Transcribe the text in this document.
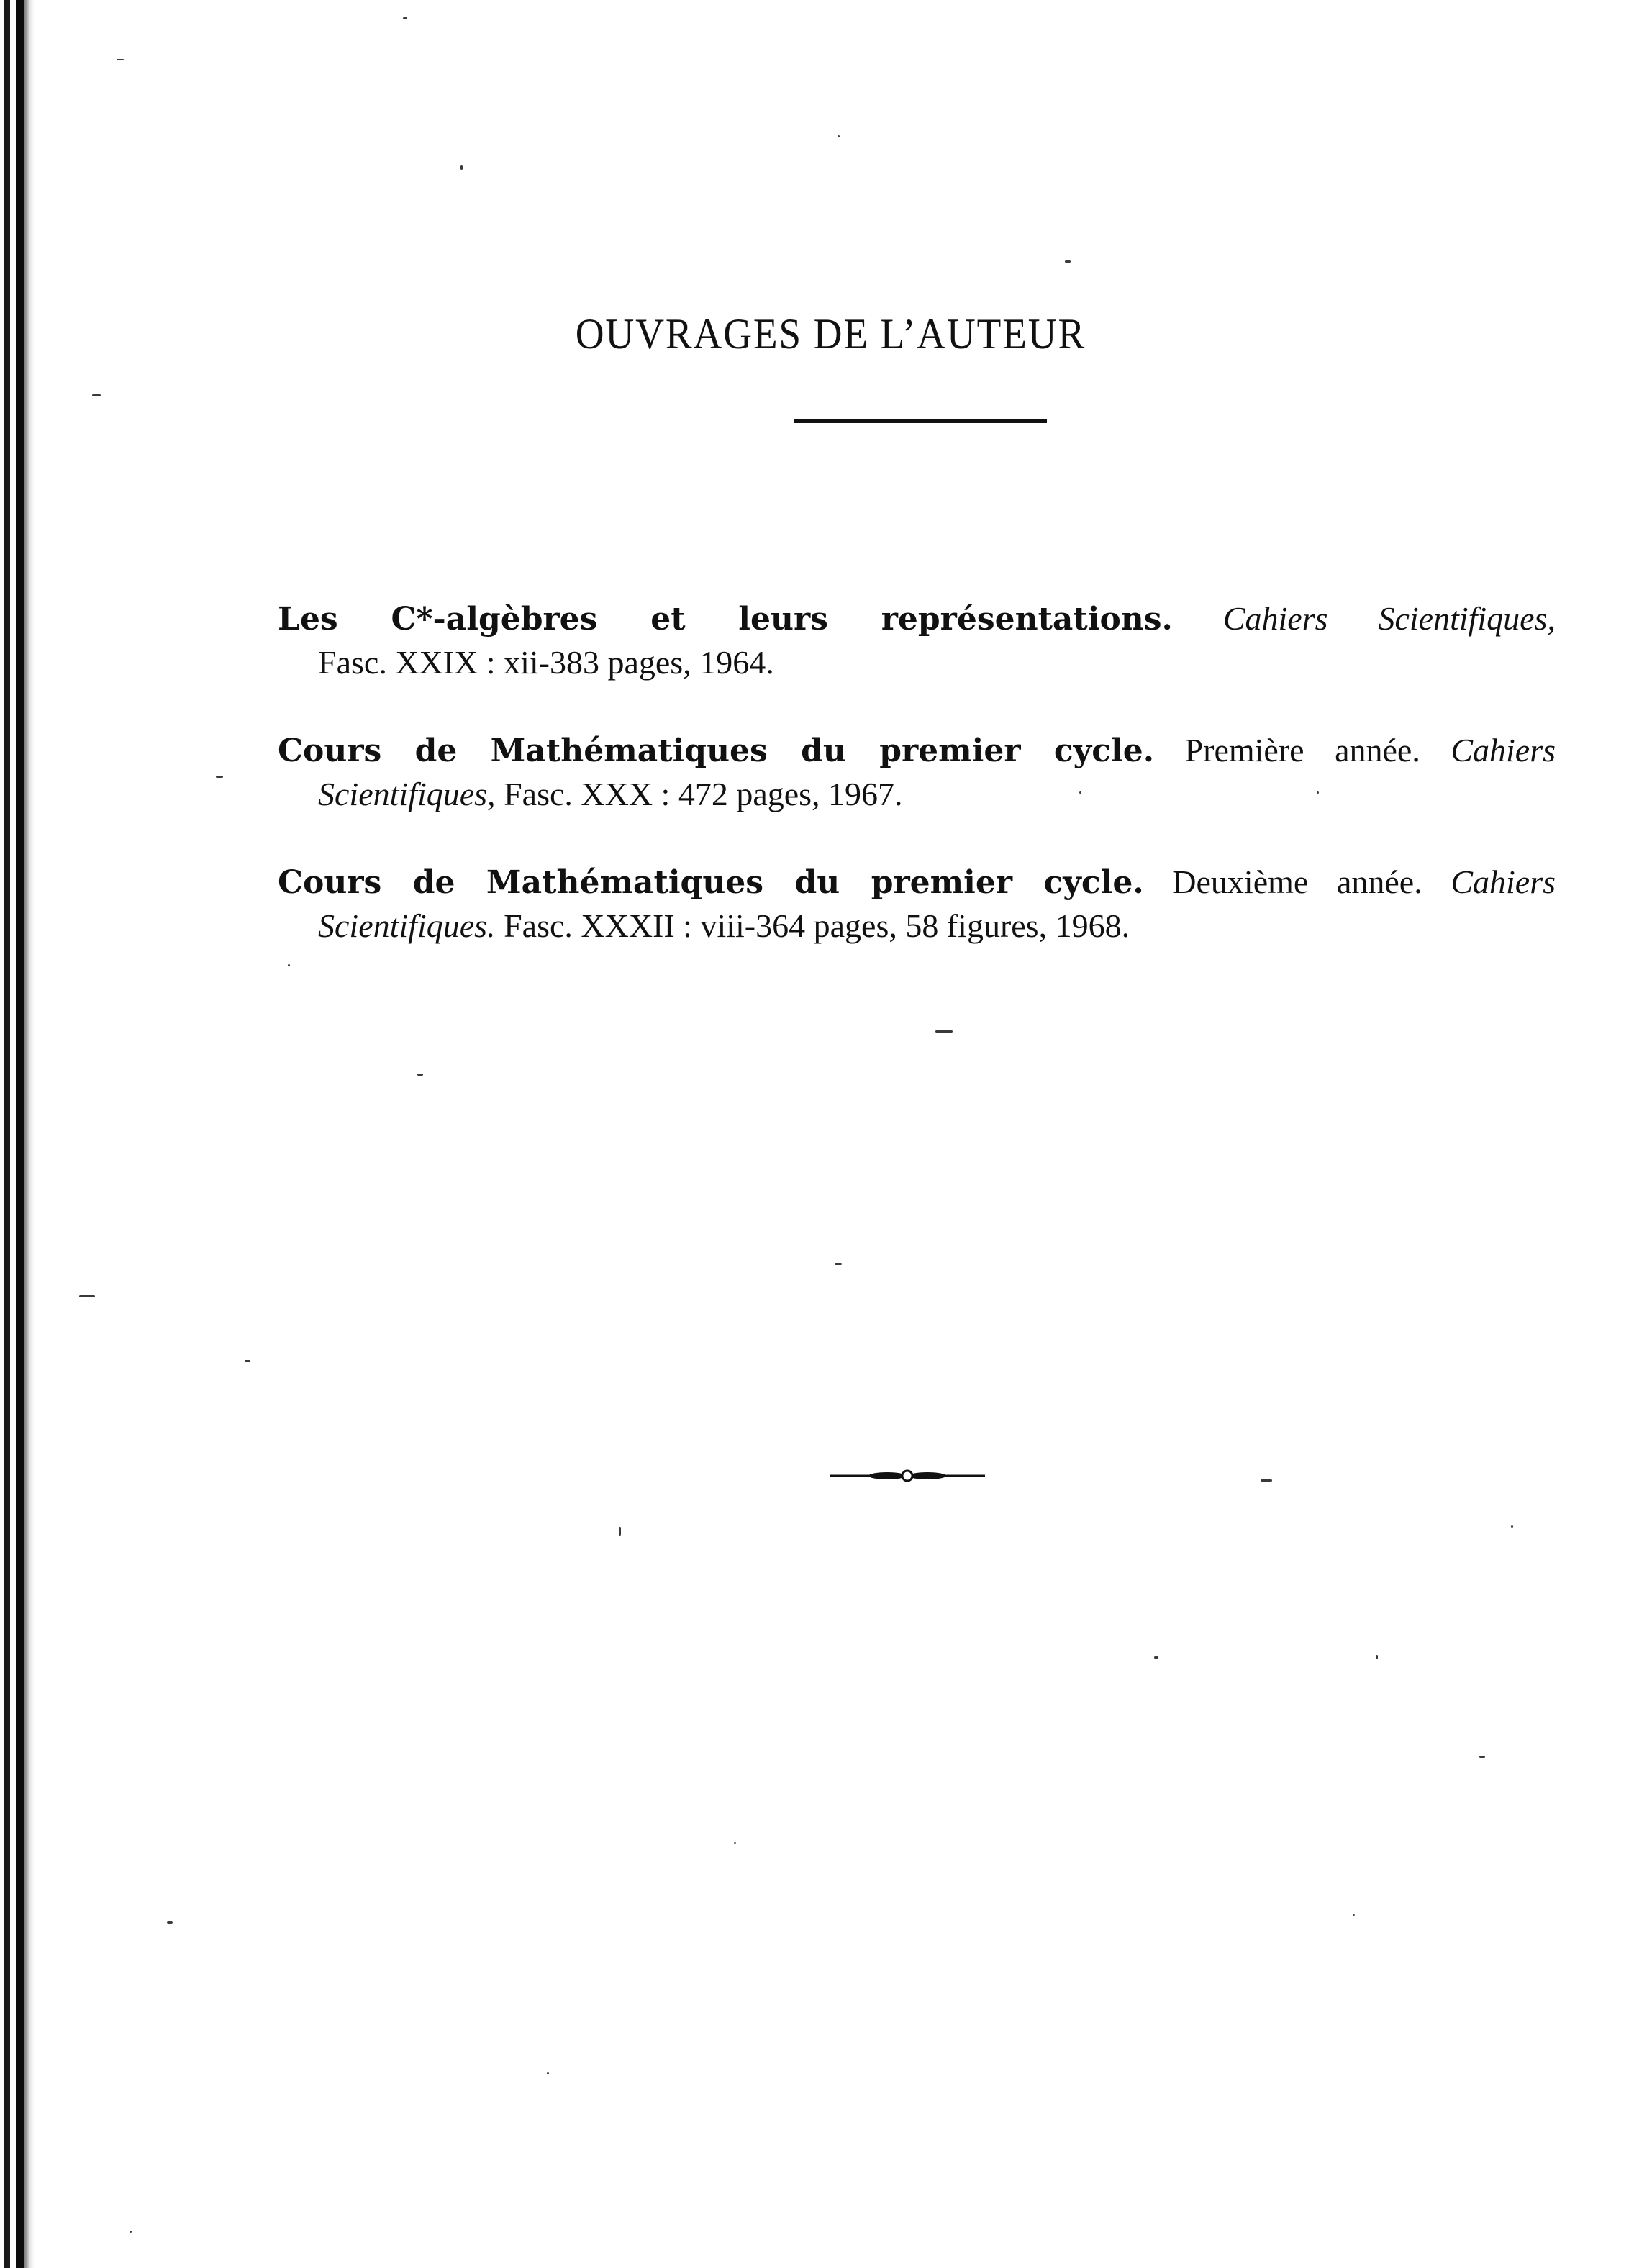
OUVRAGES DE L’AUTEUR
Les C*-algèbres et leurs représentations. Cahiers Scientifiques,
Fasc. XXIX : xii-383 pages, 1964.
Cours de Mathématiques du premier cycle. Première année. Cahiers
Scientifiques, Fasc. XXX : 472 pages, 1967.
Cours de Mathématiques du premier cycle. Deuxième année. Cahiers
Scientifiques. Fasc. XXXII : viii-364 pages, 58 figures, 1968.
